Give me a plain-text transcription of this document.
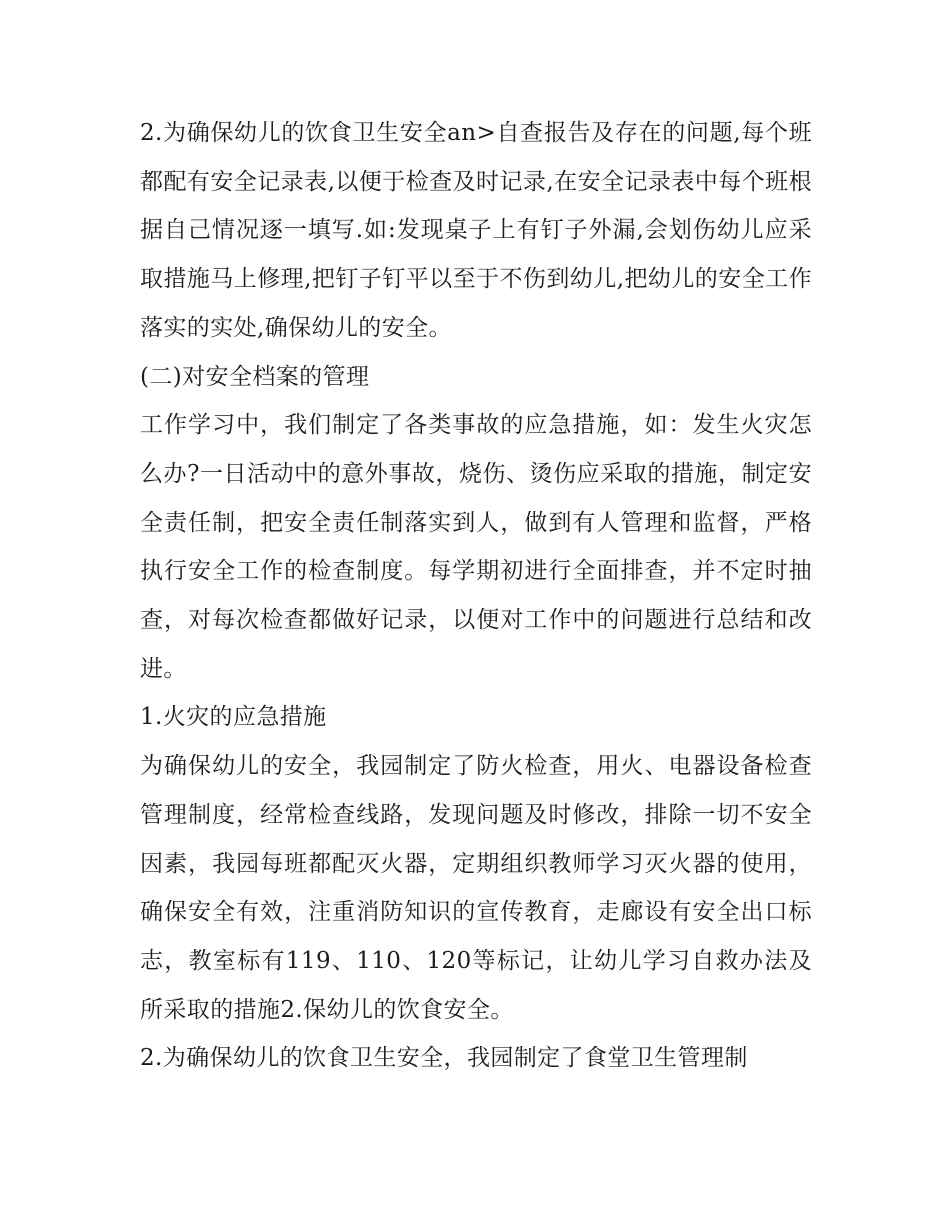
2.为确保幼儿的饮食卫生安全an>自查报告及存在的问题,每个班都配有安全记录表,以便于检查及时记录,在安全记录表中每个班根据自己情况逐一填写.如:发现桌子上有钉子外漏,会划伤幼儿应采取措施马上修理,把钉子钉平以至于不伤到幼儿,把幼儿的安全工作落实的实处,确保幼儿的安全。

(二)对安全档案的管理

工作学习中，我们制定了各类事故的应急措施，如：发生火灾怎么办?一日活动中的意外事故，烧伤、烫伤应采取的措施，制定安全责任制，把安全责任制落实到人，做到有人管理和监督，严格执行安全工作的检查制度。每学期初进行全面排查，并不定时抽查，对每次检查都做好记录，以便对工作中的问题进行总结和改进。

1.火灾的应急措施

为确保幼儿的安全，我园制定了防火检查，用火、电器设备检查管理制度，经常检查线路，发现问题及时修改，排除一切不安全因素，我园每班都配灭火器，定期组织教师学习灭火器的使用，确保安全有效，注重消防知识的宣传教育，走廊设有安全出口标志，教室标有119、110、120等标记，让幼儿学习自救办法及所采取的措施2.保幼儿的饮食安全。

2.为确保幼儿的饮食卫生安全，我园制定了食堂卫生管理制
